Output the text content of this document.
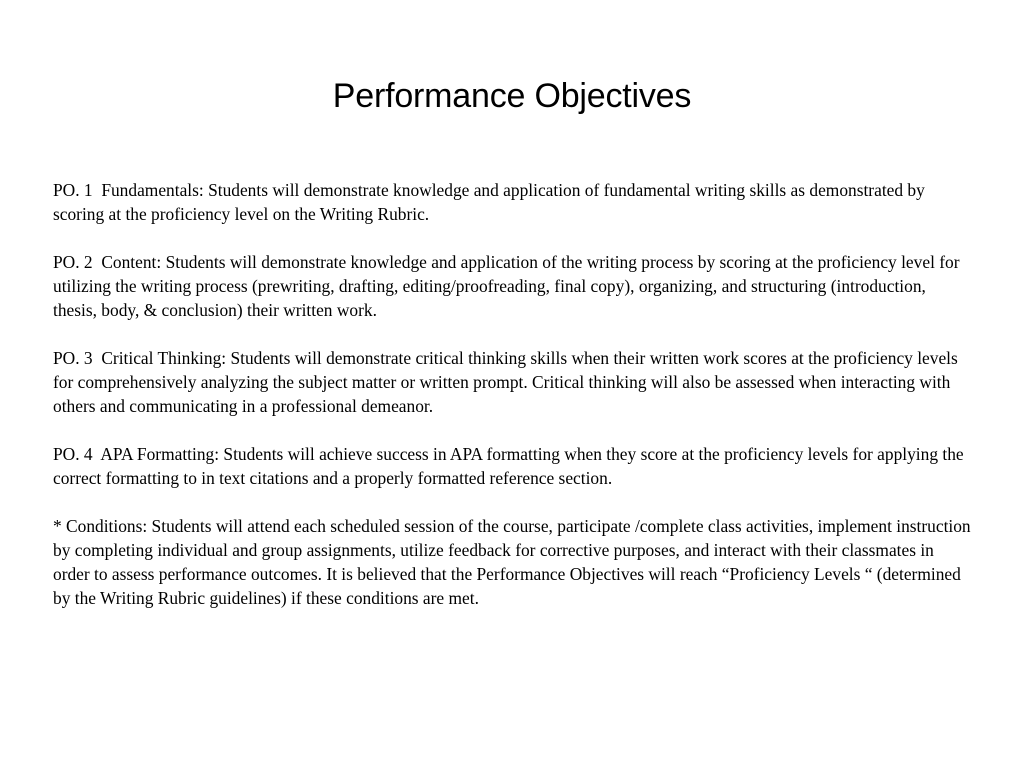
Performance Objectives

PO. 1  Fundamentals: Students will demonstrate knowledge and application of fundamental writing skills as demonstrated by scoring at the proficiency level on the Writing Rubric.

PO. 2  Content: Students will demonstrate knowledge and application of the writing process by scoring at the proficiency level for utilizing the writing process (prewriting, drafting, editing/proofreading, final copy), organizing, and structuring (introduction, thesis, body, & conclusion) their written work.

PO. 3  Critical Thinking: Students will demonstrate critical thinking skills when their written work scores at the proficiency levels for comprehensively analyzing the subject matter or written prompt. Critical thinking will also be assessed when interacting with others and communicating in a professional demeanor.

PO. 4  APA Formatting: Students will achieve success in APA formatting when they score at the proficiency levels for applying the correct formatting to in text citations and a properly formatted reference section.

* Conditions: Students will attend each scheduled session of the course, participate /complete class activities, implement instruction by completing individual and group assignments, utilize feedback for corrective purposes, and interact with their classmates in order to assess performance outcomes. It is believed that the Performance Objectives will reach “Proficiency Levels “ (determined by the Writing Rubric guidelines) if these conditions are met.
